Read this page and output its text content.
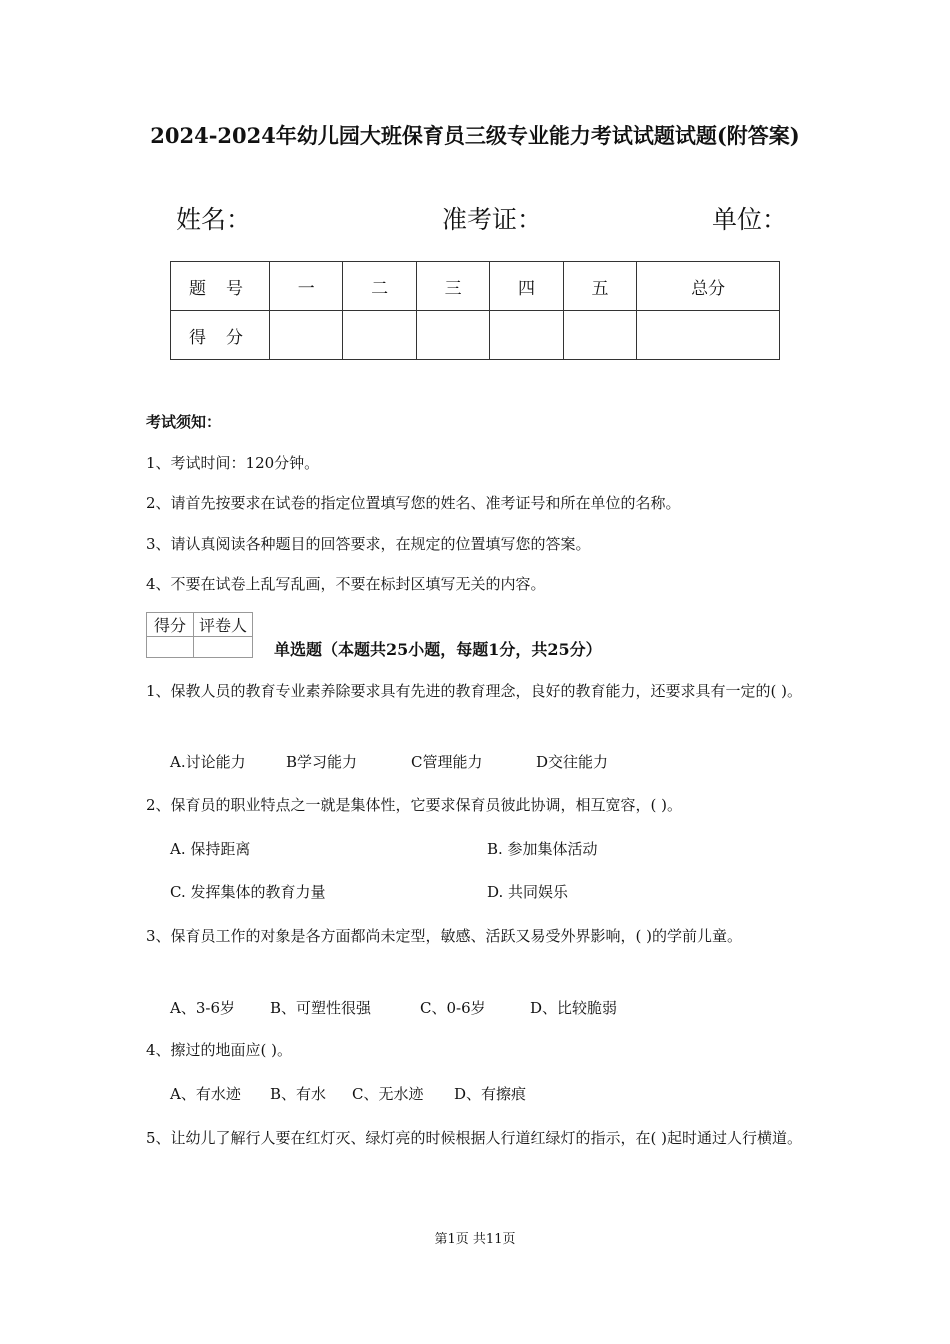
2024-2024年幼儿园大班保育员三级专业能力考试试题试题(附答案)
姓名：	准考证：	单位：
题号	一	二	三	四	五	总分
得分						
考试须知：
1、考试时间：120分钟。
2、请首先按要求在试卷的指定位置填写您的姓名、准考证号和所在单位的名称。
3、请认真阅读各种题目的回答要求，在规定的位置填写您的答案。
4、不要在试卷上乱写乱画，不要在标封区填写无关的内容。
得分	评卷人

单选题（本题共25小题，每题1分，共25分）
1、保教人员的教育专业素养除要求具有先进的教育理念，良好的教育能力，还要求具有一定的( )。
A.讨论能力	B学习能力	C管理能力	D交往能力
2、保育员的职业特点之一就是集体性，它要求保育员彼此协调，相互宽容，( )。
A. 保持距离	B. 参加集体活动
C. 发挥集体的教育力量	D. 共同娱乐
3、保育员工作的对象是各方面都尚未定型，敏感、活跃又易受外界影响，( )的学前儿童。
A、3-6岁 B、可塑性很强	C、0-6岁	D、比较脆弱
4、擦过的地面应( )。
A、有水迹 B、有水 C、无水迹 D、有擦痕
5、让幼儿了解行人要在红灯灭、绿灯亮的时候根据人行道红绿灯的指示，在( )起时通过人行横道。
第1页 共11页
